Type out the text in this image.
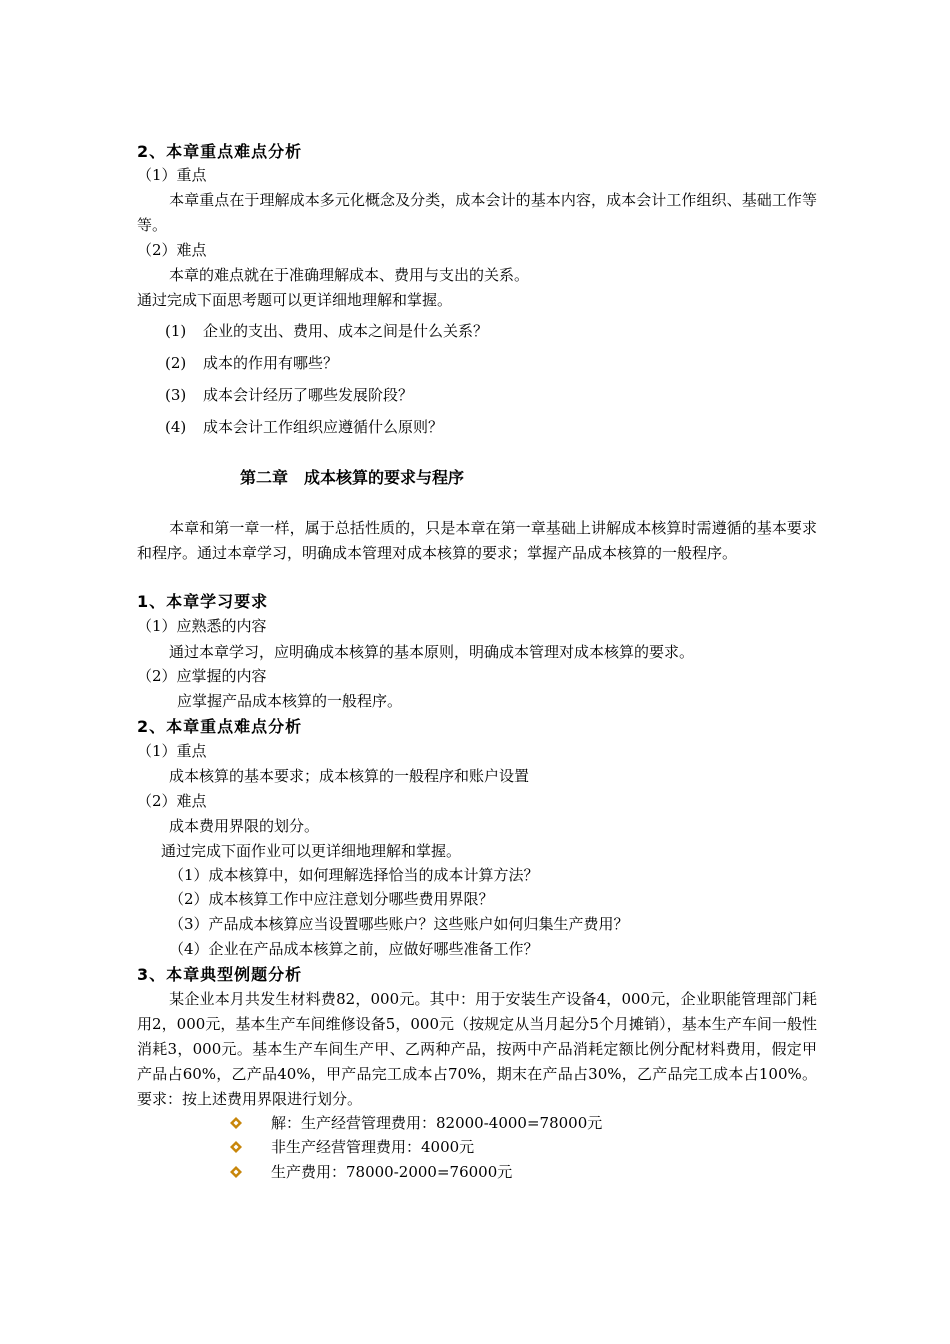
2、本章重点难点分析
（1）重点
本章重点在于理解成本多元化概念及分类，成本会计的基本内容，成本会计工作组织、基础工作等等。
（2）难点
本章的难点就在于准确理解成本、费用与支出的关系。
通过完成下面思考题可以更详细地理解和掌握。
(1) 企业的支出、费用、成本之间是什么关系？
(2) 成本的作用有哪些？
(3) 成本会计经历了哪些发展阶段？
(4) 成本会计工作组织应遵循什么原则？
第二章　成本核算的要求与程序
本章和第一章一样，属于总括性质的，只是本章在第一章基础上讲解成本核算时需遵循的基本要求和程序。通过本章学习，明确成本管理对成本核算的要求；掌握产品成本核算的一般程序。
1、本章学习要求
（1）应熟悉的内容
通过本章学习，应明确成本核算的基本原则，明确成本管理对成本核算的要求。
（2）应掌握的内容
应掌握产品成本核算的一般程序。
2、本章重点难点分析
（1）重点
成本核算的基本要求；成本核算的一般程序和账户设置
（2）难点
成本费用界限的划分。
通过完成下面作业可以更详细地理解和掌握。
（1）成本核算中，如何理解选择恰当的成本计算方法？
（2）成本核算工作中应注意划分哪些费用界限？
（3）产品成本核算应当设置哪些账户？这些账户如何归集生产费用？
（4）企业在产品成本核算之前，应做好哪些准备工作？
3、本章典型例题分析
某企业本月共发生材料费82，000元。其中：用于安装生产设备4，000元，企业职能管理部门耗用2，000元，基本生产车间维修设备5，000元（按规定从当月起分5个月摊销），基本生产车间一般性消耗3，000元。基本生产车间生产甲、乙两种产品，按两中产品消耗定额比例分配材料费用，假定甲产品占60%，乙产品40%，甲产品完工成本占70%，期末在产品占30%，乙产品完工成本占100%。要求：按上述费用界限进行划分。
解：生产经营管理费用：82000-4000=78000元
非生产经营管理费用：4000元
生产费用：78000-2000=76000元
